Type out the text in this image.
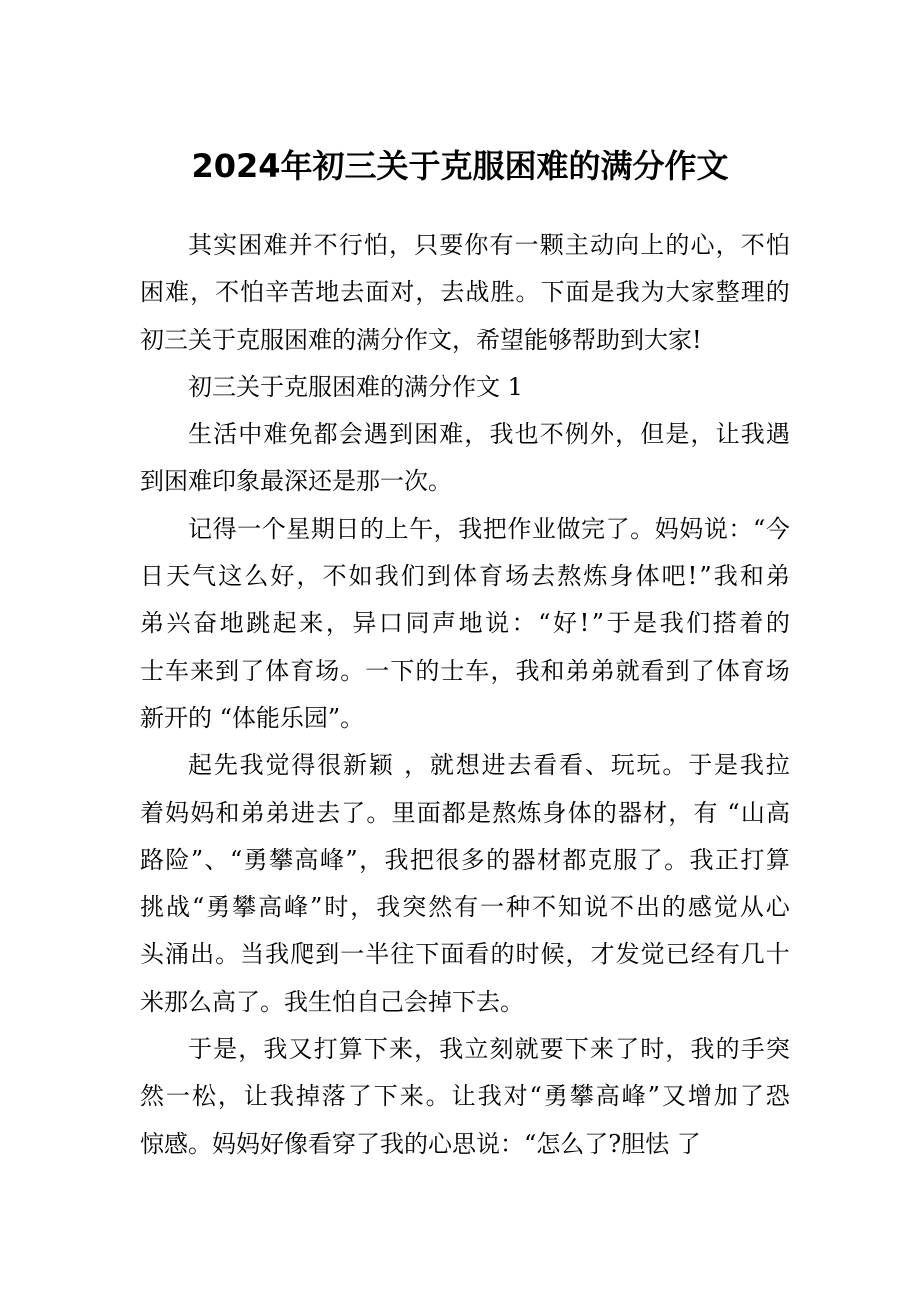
2024年初三关于克服困难的满分作文
其 实 困 难 并 不 行 怕 ， 只 要 你 有 一 颗 主 动 向 上 的 心 ， 不 怕
困 难 ， 不 怕 辛 苦 地 去 面 对 ， 去 战 胜 。 下 面 是 我 为 大 家 整 理 的
初三关于克服困难的满分作文，希望能够帮助到大家!
初三关于克服困难的满分作文 1
生 活 中 难 免 都 会 遇 到 困 难 ， 我 也 不 例 外 ， 但 是 ， 让 我 遇
到困难印象最深还是那一次。
记 得 一 个 星 期 日 的 上 午 ， 我 把 作 业 做 完 了 。 妈 妈 说 ： “ 今
日 天 气 这 么 好 ， 不 如 我 们 到 体 育 场 去 熬 炼 身 体 吧 ! ” 我 和 弟
弟 兴 奋 地 跳 起 来 ， 异 口 同 声 地 说 ： “ 好 ! ” 于 是 我 们 搭 着 的
士 车 来 到 了 体 育 场 。 一 下 的 士 车 ， 我 和 弟 弟 就 看 到 了 体 育 场
新开的 “体能乐园”。
起 先 我 觉 得 很 新 颖
， 就 想 进 去 看 看 、 玩 玩 。 于 是 我 拉
着 妈 妈 和 弟 弟 进 去 了 。 里 面 都 是 熬 炼 身 体 的 器 材 ， 有
“ 山 高
路 险 ” 、 “ 勇 攀 高 峰 ” ， 我 把 很 多 的 器 材 都 克 服 了 。 我 正 打 算
挑 战 “ 勇 攀 高 峰 ” 时 ， 我 突 然 有 一 种 不 知 说 不 出 的 感 觉 从 心
头 涌 出 。 当 我 爬 到 一 半 往 下 面 看 的 时 候 ， 才 发 觉 已 经 有 几 十
米那么高了。我生怕自己会掉下去。
于 是 ， 我 又 打 算 下 来 ， 我 立 刻 就 要 下 来 了 时 ， 我 的 手 突
然 一 松 ， 让 我 掉 落 了 下 来 。 让 我 对 “ 勇 攀 高 峰 ” 又 增 加 了 恐
惊感。妈妈好像看穿了我的心思说：“怎么了?胆怯 了
